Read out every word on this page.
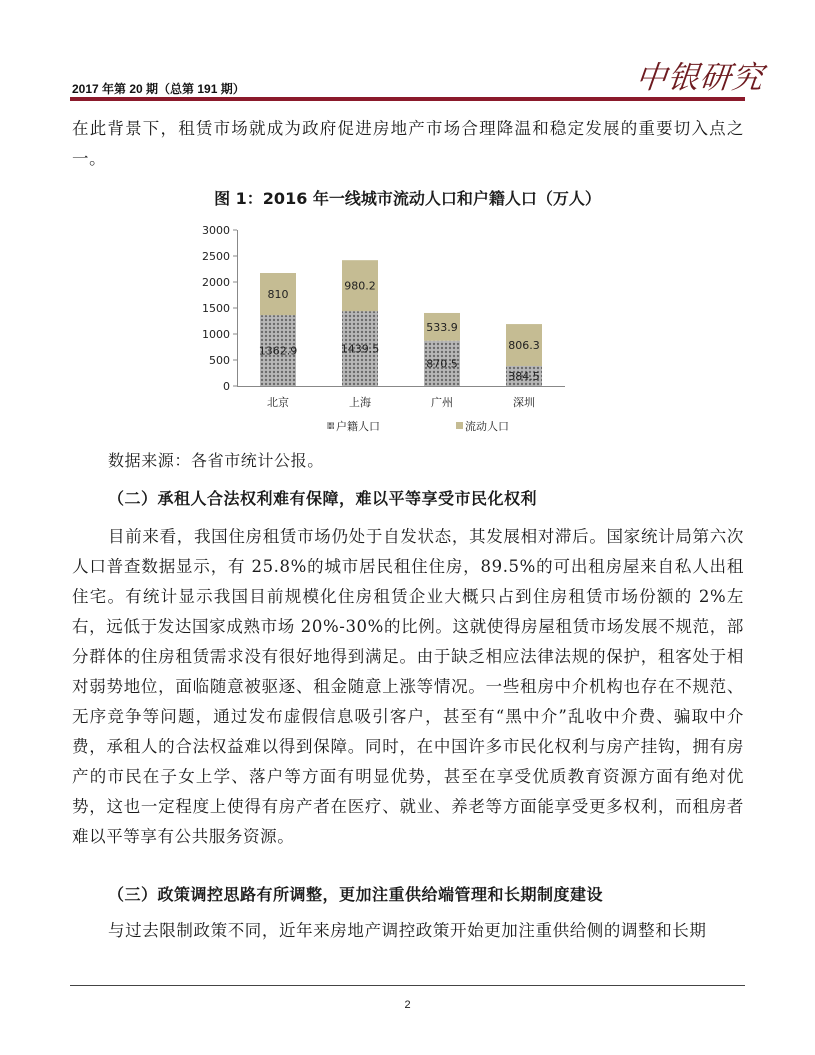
2017 年第 20 期（总第 191 期）	中银研究

在此背景下，租赁市场就成为政府促进房地产市场合理降温和稳定发展的重要切入点之一。

图 1：2016 年一线城市流动人口和户籍人口（万人）
0
500
1000
1500
2000
2500
3000
1362.9
810
1439.5
980.2
870.5
533.9
384.5
806.3
北京	上海	广州	深圳
户籍人口	流动人口
数据来源：各省市统计公报。
（二）承租人合法权利难有保障，难以平等享受市民化权利

目前来看，我国住房租赁市场仍处于自发状态，其发展相对滞后。国家统计局第六次人口普查数据显示，有 25.8%的城市居民租住住房，89.5%的可出租房屋来自私人出租住宅。有统计显示我国目前规模化住房租赁企业大概只占到住房租赁市场份额的 2%左右，远低于发达国家成熟市场 20%-30%的比例。这就使得房屋租赁市场发展不规范，部分群体的住房租赁需求没有很好地得到满足。由于缺乏相应法律法规的保护，租客处于相对弱势地位，面临随意被驱逐、租金随意上涨等情况。一些租房中介机构也存在不规范、无序竞争等问题，通过发布虚假信息吸引客户，甚至有“黑中介”乱收中介费、骗取中介费，承租人的合法权益难以得到保障。同时，在中国许多市民化权利与房产挂钩，拥有房产的市民在子女上学、落户等方面有明显优势，甚至在享受优质教育资源方面有绝对优势，这也一定程度上使得有房产者在医疗、就业、养老等方面能享受更多权利，而租房者难以平等享有公共服务资源。

（三）政策调控思路有所调整，更加注重供给端管理和长期制度建设

与过去限制政策不同，近年来房地产调控政策开始更加注重供给侧的调整和长期

2
